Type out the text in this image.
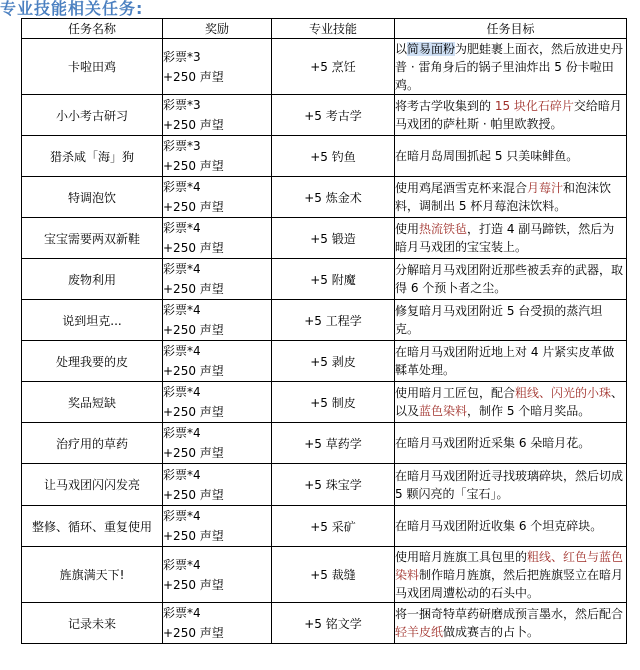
专业技能相关任务:
任务名称	奖励	专业技能	任务目标
卡啦田鸡	彩票*3
+250 声望	+5 烹饪	以简易面粉为肥蛙裹上面衣，然后放进史丹普 · 雷角身后的锅子里油炸出 5 份卡啦田鸡。
小小考古研习	彩票*3
+250 声望	+5 考古学	将考古学收集到的 15 块化石碎片交给暗月马戏团的萨杜斯 · 帕里欧教授。
猎杀咸「海」狗	彩票*3
+250 声望	+5 钓鱼	在暗月岛周围抓起 5 只美味鲱鱼。
特调泡饮	彩票*4
+250 声望	+5 炼金术	使用鸡尾酒雪克杯来混合月莓汁和泡沫饮料，调制出 5 杯月莓泡沫饮料。
宝宝需要两双新鞋	彩票*4
+250 声望	+5 锻造	使用热流铁毡，打造 4 副马蹄铁，然后为暗月马戏团的宝宝装上。
废物利用	彩票*4
+250 声望	+5 附魔	分解暗月马戏团附近那些被丢弃的武器，取得 6 个预卜者之尘。
说到坦克...	彩票*4
+250 声望	+5 工程学	修复暗月马戏团附近 5 台受损的蒸汽坦克。
处理我要的皮	彩票*4
+250 声望	+5 剥皮	在暗月马戏团附近地上对 4 片紧实皮革做鞣革处理。
奖品短缺	彩票*4
+250 声望	+5 制皮	使用暗月工匠包，配合粗线、闪光的小珠、以及蓝色染料，制作 5 个暗月奖品。
治疗用的草药	彩票*4
+250 声望	+5 草药学	在暗月马戏团附近采集 6 朵暗月花。
让马戏团闪闪发亮	彩票*4
+250 声望	+5 珠宝学	在暗月马戏团附近寻找玻璃碎块，然后切成 5 颗闪亮的「宝石」。
整修、循环、重复使用	彩票*4
+250 声望	+5 采矿	在暗月马戏团附近收集 6 个坦克碎块。
旌旗满天下!	彩票*4
+250 声望	+5 裁缝	使用暗月旌旗工具包里的粗线、红色与蓝色染料制作暗月旌旗，然后把旌旗竖立在暗月马戏团周遭松动的石头中。
记录未来	彩票*4
+250 声望	+5 铭文学	将一捆奇特草药研磨成预言墨水，然后配合轻羊皮纸做成赛吉的占卜。
